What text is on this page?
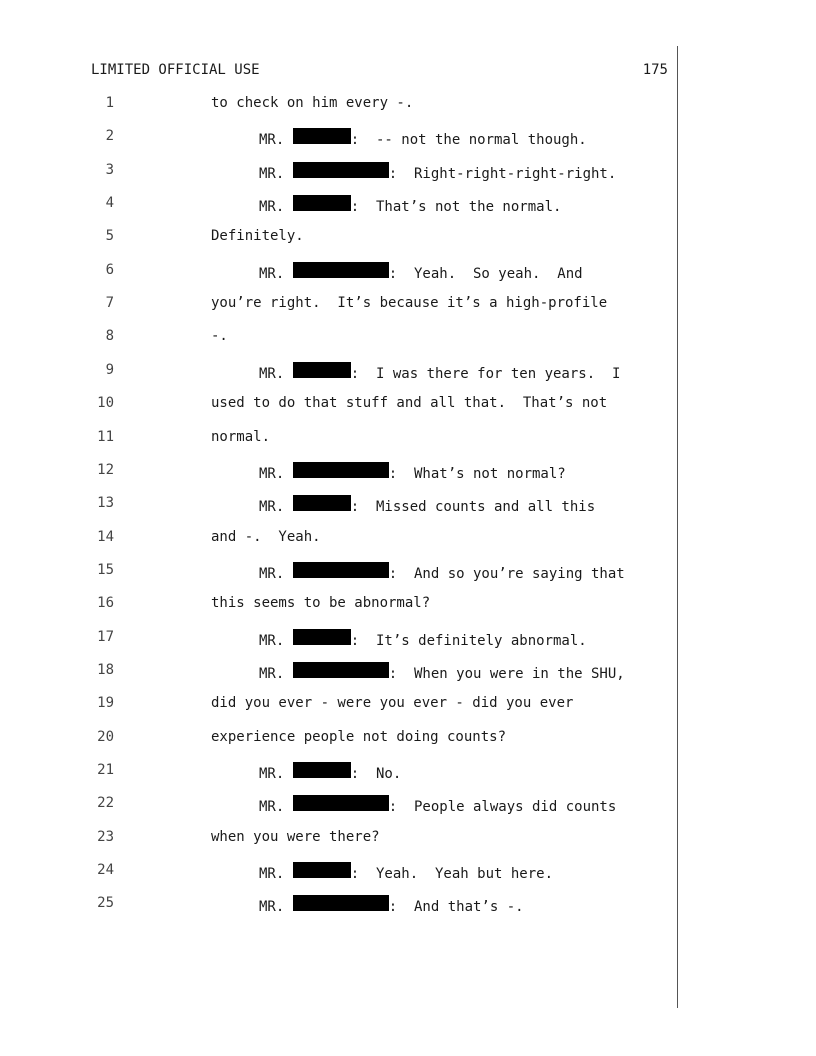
LIMITED OFFICIAL USE	175
1	to check on him every -.
2	MR.	:  -- not the normal though.
3	MR.	:  Right-right-right-right.
4	MR.	:  That’s not the normal.
5	Definitely.
6	MR.	:  Yeah.  So yeah.  And
7	you’re right.  It’s because it’s a high-profile
8	-.
9	MR.	:  I was there for ten years.  I
10	used to do that stuff and all that.  That’s not
11	normal.
12	MR.	:  What’s not normal?
13	MR.	:  Missed counts and all this
14	and -.  Yeah.
15	MR.	:  And so you’re saying that
16	this seems to be abnormal?
17	MR.	:  It’s definitely abnormal.
18	MR.	:  When you were in the SHU,
19	did you ever - were you ever - did you ever
20	experience people not doing counts?
21	MR.	:  No.
22	MR.	:  People always did counts
23	when you were there?
24	MR.	:  Yeah.  Yeah but here.
25	MR.	:  And that’s -.
